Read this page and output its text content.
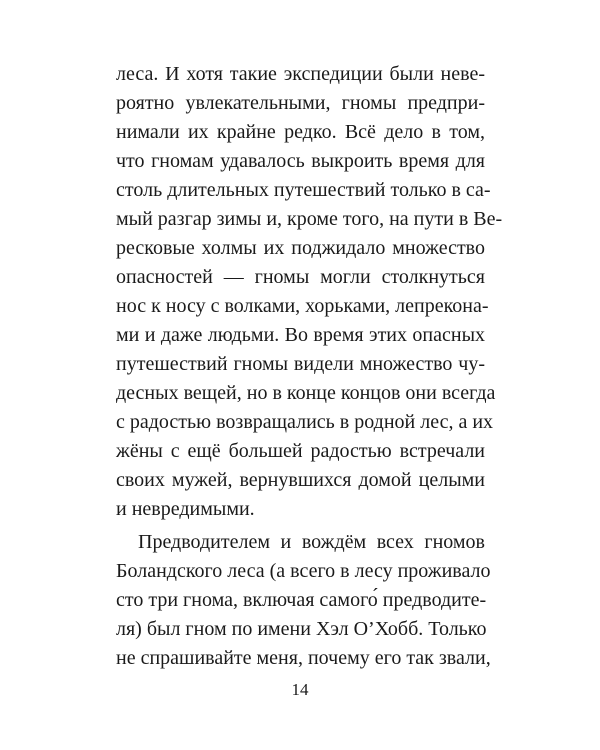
леса. И хотя такие экспедиции были неве-
роятно увлекательными, гномы предпри-
нимали их крайне редко. Всё дело в том,
что гномам удавалось выкроить время для
столь длительных путешествий только в са-
мый разгар зимы и, кроме того, на пути в Ве-
ресковые холмы их поджидало множество
опасностей — гномы могли столкнуться
нос к носу с волками, хорьками, лепрекона-
ми и даже людьми. Во время этих опасных
путешествий гномы видели множество чу-
десных вещей, но в конце концов они всегда
с радостью возвращались в родной лес, а их
жёны с ещё большей радостью встречали
своих мужей, вернувшихся домой целыми
и невредимыми.
Предводителем и вождём всех гномов
Боландского леса (а всего в лесу проживало
сто три гнома, включая самого́ предводите-
ля) был гном по имени Хэл О’Хобб. Только
не спрашивайте меня, почему его так звали,
14
